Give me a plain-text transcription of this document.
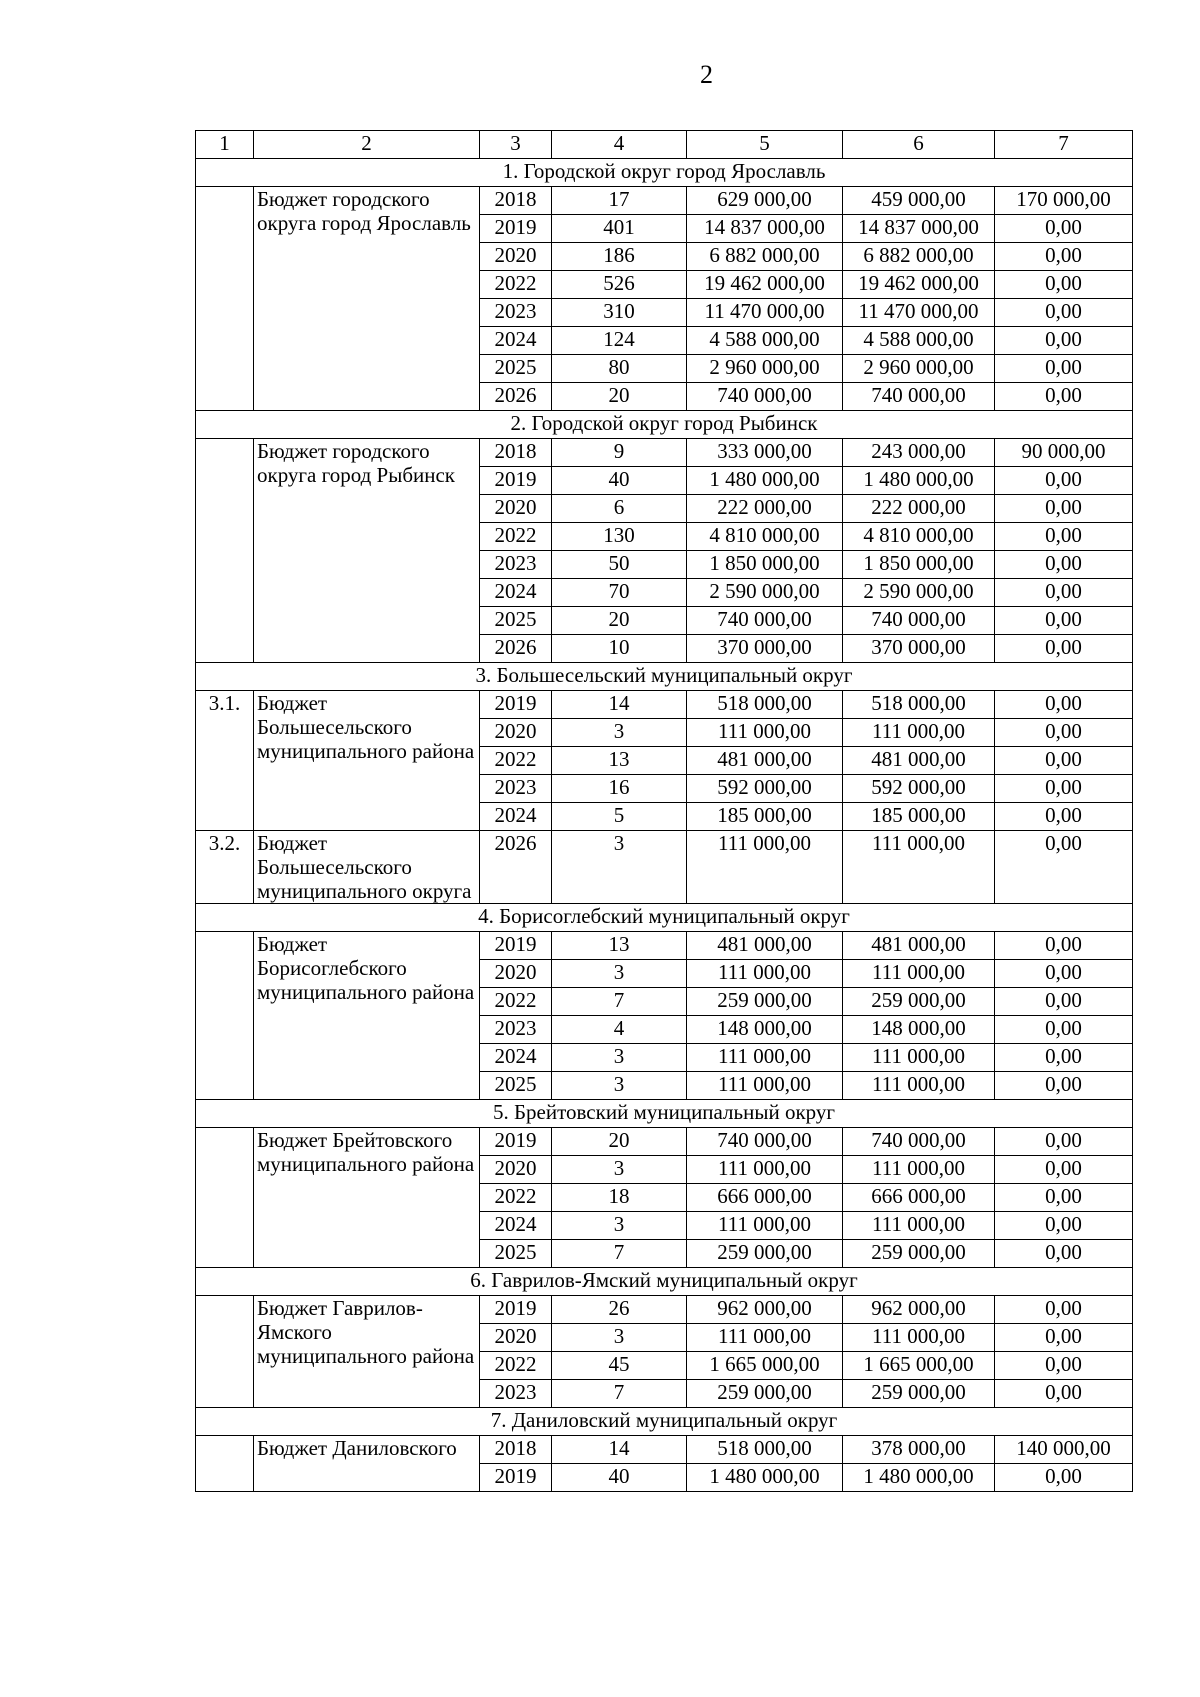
2
1	2	3	4	5	6	7
1. Городской округ город Ярославль						
	Бюджет городского округа город Ярославль	2018	17	629 000,00	459 000,00	170 000,00
		2019	401	14 837 000,00	14 837 000,00	0,00
		2020	186	6 882 000,00	6 882 000,00	0,00
		2022	526	19 462 000,00	19 462 000,00	0,00
		2023	310	11 470 000,00	11 470 000,00	0,00
		2024	124	4 588 000,00	4 588 000,00	0,00
		2025	80	2 960 000,00	2 960 000,00	0,00
		2026	20	740 000,00	740 000,00	0,00
2. Городской округ город Рыбинск						
	Бюджет городского округа город Рыбинск	2018	9	333 000,00	243 000,00	90 000,00
		2019	40	1 480 000,00	1 480 000,00	0,00
		2020	6	222 000,00	222 000,00	0,00
		2022	130	4 810 000,00	4 810 000,00	0,00
		2023	50	1 850 000,00	1 850 000,00	0,00
		2024	70	2 590 000,00	2 590 000,00	0,00
		2025	20	740 000,00	740 000,00	0,00
		2026	10	370 000,00	370 000,00	0,00
3. Большесельский муниципальный округ						
3.1.	Бюджет Большесельского муниципального района	2019	14	518 000,00	518 000,00	0,00
		2020	3	111 000,00	111 000,00	0,00
		2022	13	481 000,00	481 000,00	0,00
		2023	16	592 000,00	592 000,00	0,00
		2024	5	185 000,00	185 000,00	0,00
3.2.	Бюджет Большесельского муниципального округа	2026	3	111 000,00	111 000,00	0,00
4. Борисоглебский муниципальный округ						
	Бюджет Борисоглебского муниципального района	2019	13	481 000,00	481 000,00	0,00
		2020	3	111 000,00	111 000,00	0,00
		2022	7	259 000,00	259 000,00	0,00
		2023	4	148 000,00	148 000,00	0,00
		2024	3	111 000,00	111 000,00	0,00
		2025	3	111 000,00	111 000,00	0,00
5. Брейтовский муниципальный округ						
	Бюджет Брейтовского муниципального района	2019	20	740 000,00	740 000,00	0,00
		2020	3	111 000,00	111 000,00	0,00
		2022	18	666 000,00	666 000,00	0,00
		2024	3	111 000,00	111 000,00	0,00
		2025	7	259 000,00	259 000,00	0,00
6. Гаврилов-Ямский муниципальный округ						
	Бюджет Гаврилов-Ямского муниципального района	2019	26	962 000,00	962 000,00	0,00
		2020	3	111 000,00	111 000,00	0,00
		2022	45	1 665 000,00	1 665 000,00	0,00
		2023	7	259 000,00	259 000,00	0,00
7. Даниловский муниципальный округ						
	Бюджет Даниловского	2018	14	518 000,00	378 000,00	140 000,00
		2019	40	1 480 000,00	1 480 000,00	0,00
